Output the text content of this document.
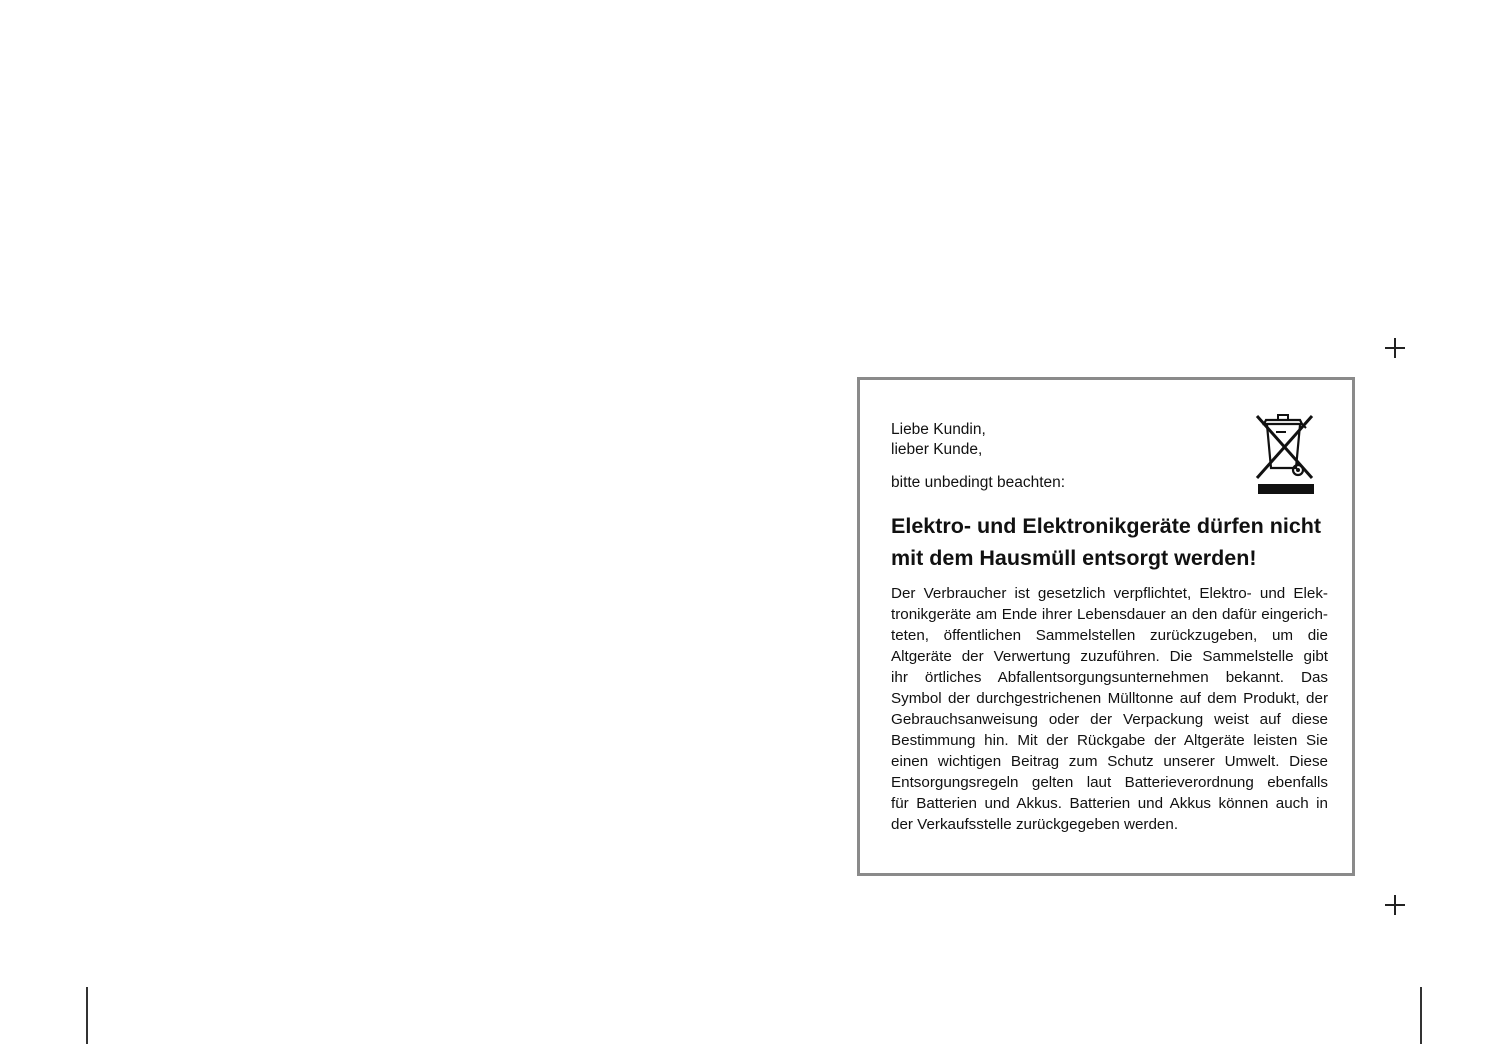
Liebe Kundin,
lieber Kunde,
bitte unbedingt beachten:
Elektro- und Elektronikgeräte dürfen nicht
mit dem Hausmüll entsorgt werden!
Der Verbraucher ist gesetzlich verpflichtet, Elektro- und Elek-
tronikgeräte am Ende ihrer Lebensdauer an den dafür eingerich-
teten, öffentlichen Sammelstellen zurückzugeben, um die
Altgeräte der Verwertung zuzuführen. Die Sammelstelle gibt
ihr örtliches Abfallentsorgungsunternehmen bekannt. Das
Symbol der durchgestrichenen Mülltonne auf dem Produkt, der
Gebrauchsanweisung oder der Verpackung weist auf diese
Bestimmung hin. Mit der Rückgabe der Altgeräte leisten Sie
einen wichtigen Beitrag zum Schutz unserer Umwelt. Diese
Entsorgungsregeln gelten laut Batterieverordnung ebenfalls
für Batterien und Akkus. Batterien und Akkus können auch in
der Verkaufsstelle zurückgegeben werden.
